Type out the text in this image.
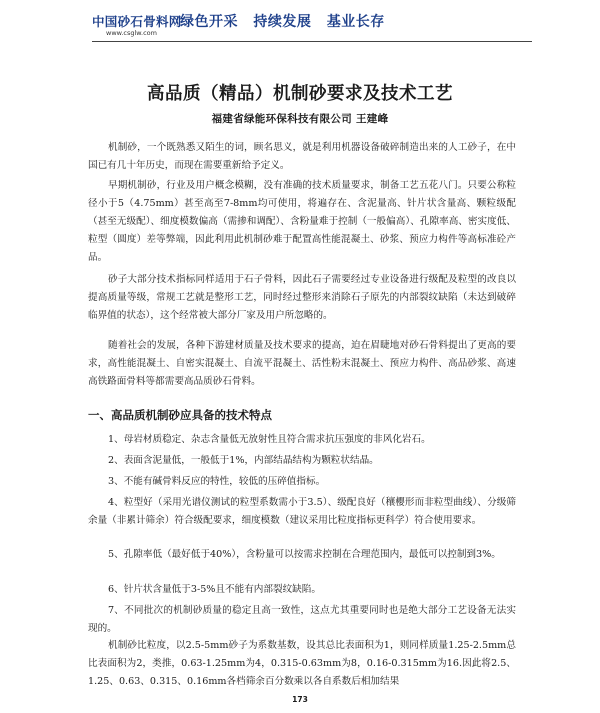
中国砂石骨料网
www.csglw.com
绿色开采 持续发展 基业长存
高品质（精品）机制砂要求及技术工艺
福建省绿能环保科技有限公司 王建峰

机制砂，一个既熟悉又陌生的词，顾名思义，就是利用机器设备破碎制造出来的人工砂子，在中国已有几十年历史，而现在需要重新给予定义。

早期机制砂，行业及用户概念模糊，没有准确的技术质量要求，制备工艺五花八门。只要公称粒径小于5（4.75mm）甚至高至7-8mm均可使用，将遍存在、含泥量高、针片状含量高、颗粒级配（甚至无级配）、细度模数偏高（需掺和调配）、含粉量难于控制（一般偏高）、孔隙率高、密实度低、粒型（圆度）差等弊端，因此利用此机制砂难于配置高性能混凝土、砂浆、预应力构件等高标准砼产品。

砂子大部分技术指标同样适用于石子骨料，因此石子需要经过专业设备进行级配及粒型的改良以提高质量等级，常规工艺就是整形工艺，同时经过整形来消除石子原先的内部裂纹缺陷（未达到破碎临界值的状态），这个经常被大部分厂家及用户所忽略的。

随着社会的发展，各种下游建材质量及技术要求的提高，迫在眉睫地对砂石骨料提出了更高的要求，高性能混凝土、自密实混凝土、自流平混凝土、活性粉末混凝土、预应力构件、高品砂浆、高速高铁路面骨料等都需要高品质砂石骨料。

一、高品质机制砂应具备的技术特点

1、母岩材质稳定、杂志含量低无放射性且符合需求抗压强度的非风化岩石。

2、表面含泥量低，一般低于1%，内部结晶结构为颗粒状结晶。

3、不能有碱骨料反应的特性，较低的压碎值指标。

4、粒型好（采用光谱仪测试的粒型系数需小于3.5）、级配良好（穰櫻形而非粒型曲线）、分级筛余量（非累计筛余）符合级配要求，细度模数（建议采用比粒度指标更科学）符合使用要求。

5、孔隙率低（最好低于40%），含粉量可以按需求控制在合理范围内，最低可以控制到3%。

6、针片状含量低于3-5%且不能有内部裂纹缺陷。

7、不同批次的机制砂质量的稳定且高一致性，这点尤其重要同时也是绝大部分工艺设备无法实现的。

机制砂比粒度，以2.5-5mm砂子为系数基数，设其总比表面积为1，则同样质量1.25-2.5mm总比表面积为2，类推，0.63-1.25mm为4，0.315-0.63mm为8，0.16-0.315mm为16.因此将2.5、1.25、0.63、0.315、0.16mm各档筛余百分数乘以各自系数后相加结果

173
